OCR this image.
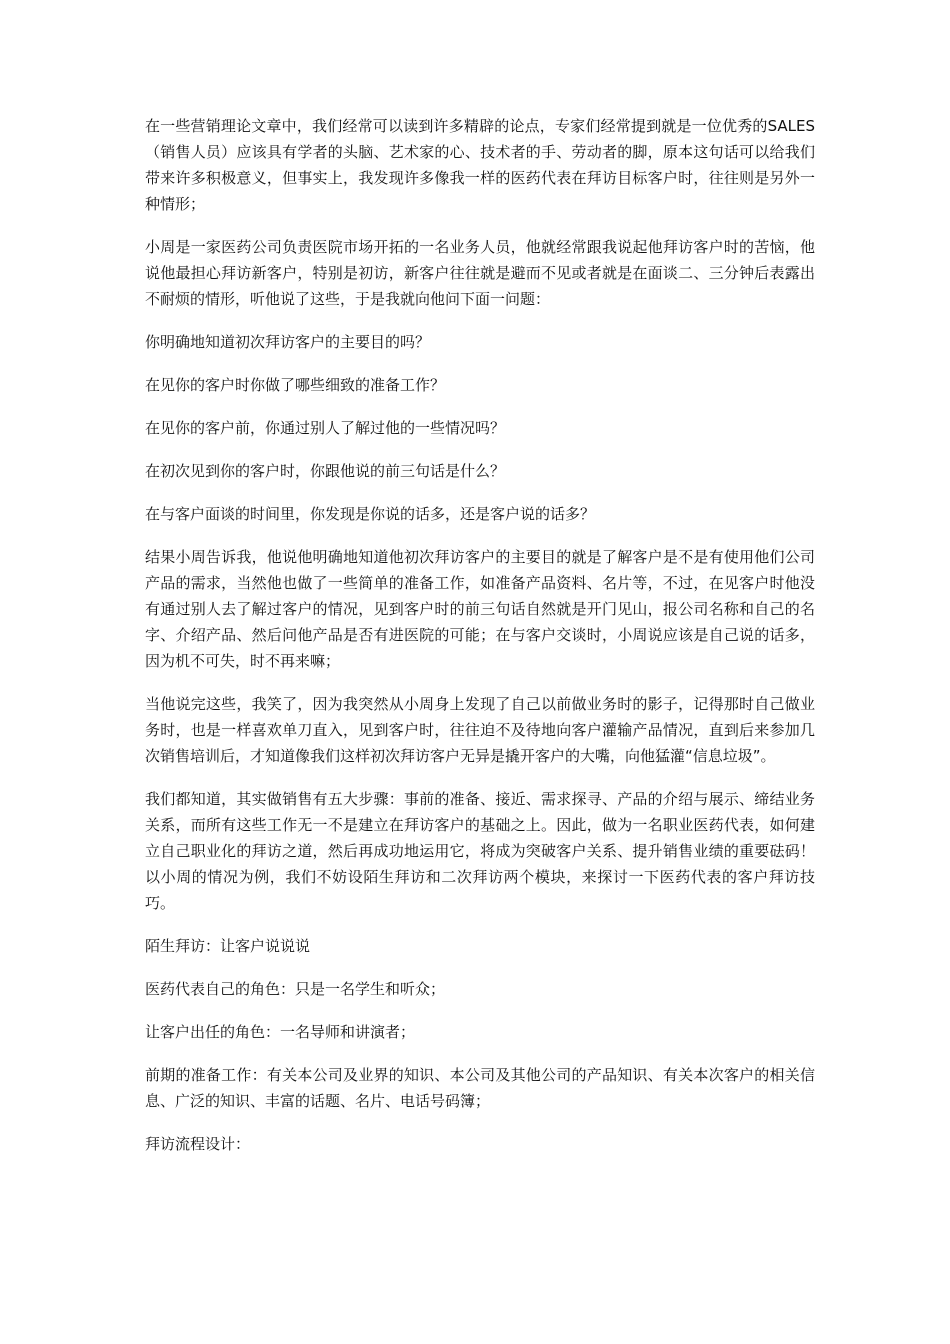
在一些营销理论文章中，我们经常可以读到许多精辟的论点，专家们经常提到就是一位优秀的SALES（销售人员）应该具有学者的头脑、艺术家的心、技术者的手、劳动者的脚，原本这句话可以给我们带来许多积极意义，但事实上，我发现许多像我一样的医药代表在拜访目标客户时，往往则是另外一种情形；

小周是一家医药公司负责医院市场开拓的一名业务人员，他就经常跟我说起他拜访客户时的苦恼，他说他最担心拜访新客户，特别是初访，新客户往往就是避而不见或者就是在面谈二、三分钟后表露出不耐烦的情形，听他说了这些，于是我就向他问下面一问题：

你明确地知道初次拜访客户的主要目的吗？

在见你的客户时你做了哪些细致的准备工作？

在见你的客户前，你通过别人了解过他的一些情况吗？

在初次见到你的客户时，你跟他说的前三句话是什么？

在与客户面谈的时间里，你发现是你说的话多，还是客户说的话多？

结果小周告诉我，他说他明确地知道他初次拜访客户的主要目的就是了解客户是不是有使用他们公司产品的需求，当然他也做了一些简单的准备工作，如准备产品资料、名片等，不过，在见客户时他没有通过别人去了解过客户的情况，见到客户时的前三句话自然就是开门见山，报公司名称和自己的名字、介绍产品、然后问他产品是否有进医院的可能；在与客户交谈时，小周说应该是自己说的话多，因为机不可失，时不再来嘛；

当他说完这些，我笑了，因为我突然从小周身上发现了自己以前做业务时的影子，记得那时自己做业务时，也是一样喜欢单刀直入，见到客户时，往往迫不及待地向客户灌输产品情况，直到后来参加几次销售培训后，才知道像我们这样初次拜访客户无异是撬开客户的大嘴，向他猛灌“信息垃圾”。

我们都知道，其实做销售有五大步骤：事前的准备、接近、需求探寻、产品的介绍与展示、缔结业务关系，而所有这些工作无一不是建立在拜访客户的基础之上。因此，做为一名职业医药代表，如何建立自己职业化的拜访之道，然后再成功地运用它，将成为突破客户关系、提升销售业绩的重要砝码！以小周的情况为例，我们不妨设陌生拜访和二次拜访两个模块，来探讨一下医药代表的客户拜访技巧。

陌生拜访：让客户说说说

医药代表自己的角色：只是一名学生和听众；

让客户出任的角色：一名导师和讲演者；

前期的准备工作：有关本公司及业界的知识、本公司及其他公司的产品知识、有关本次客户的相关信息、广泛的知识、丰富的话题、名片、电话号码簿；

拜访流程设计：
